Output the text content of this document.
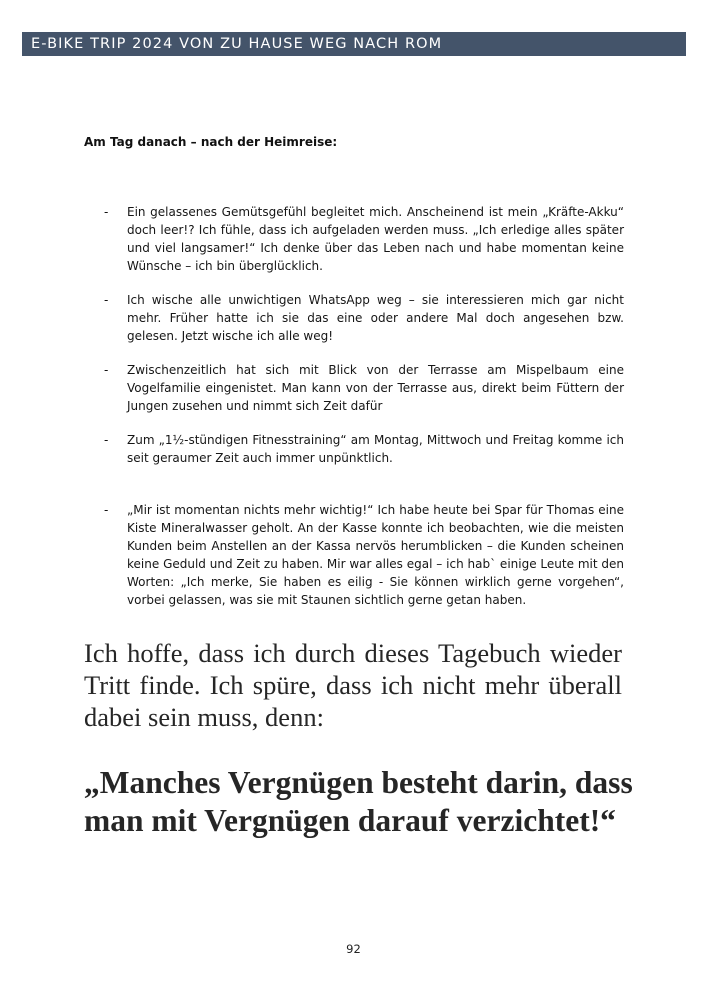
E-BIKE TRIP 2024 VON ZU HAUSE WEG NACH ROM
Am Tag danach – nach der Heimreise:
-	Ein gelassenes Gemütsgefühl begleitet mich. Anscheinend ist mein „Kräfte-Akku“ doch leer!? Ich fühle, dass ich aufgeladen werden muss. „Ich erledige alles später und viel langsamer!“ Ich denke über das Leben nach und habe momentan keine Wünsche – ich bin überglücklich.

-	Ich wische alle unwichtigen WhatsApp weg – sie interessieren mich gar nicht mehr. Früher hatte ich sie das eine oder andere Mal doch angesehen bzw. gelesen. Jetzt wische ich alle weg!

-	Zwischenzeitlich hat sich mit Blick von der Terrasse am Mispelbaum eine Vogelfamilie eingenistet. Man kann von der Terrasse aus, direkt beim Füttern der Jungen zusehen und nimmt sich Zeit dafür

-	Zum „1½-stündigen Fitnesstraining“ am Montag, Mittwoch und Freitag komme ich seit geraumer Zeit auch immer unpünktlich.

-	„Mir ist momentan nichts mehr wichtig!“ Ich habe heute bei Spar für Thomas eine Kiste Mineralwasser geholt. An der Kasse konnte ich beobachten, wie die meisten Kunden beim Anstellen an der Kassa nervös herumblicken – die Kunden scheinen keine Geduld und Zeit zu haben. Mir war alles egal – ich hab` einige Leute mit den Worten: „Ich merke, Sie haben es eilig - Sie können wirklich gerne vorgehen“, vorbei gelassen, was sie mit Staunen sichtlich gerne getan haben.

Ich hoffe, dass ich durch dieses Tagebuch wieder Tritt finde. Ich spüre, dass ich nicht mehr überall dabei sein muss, denn:

„Manches Vergnügen besteht darin, dass man mit Vergnügen darauf verzichtet!“

92
